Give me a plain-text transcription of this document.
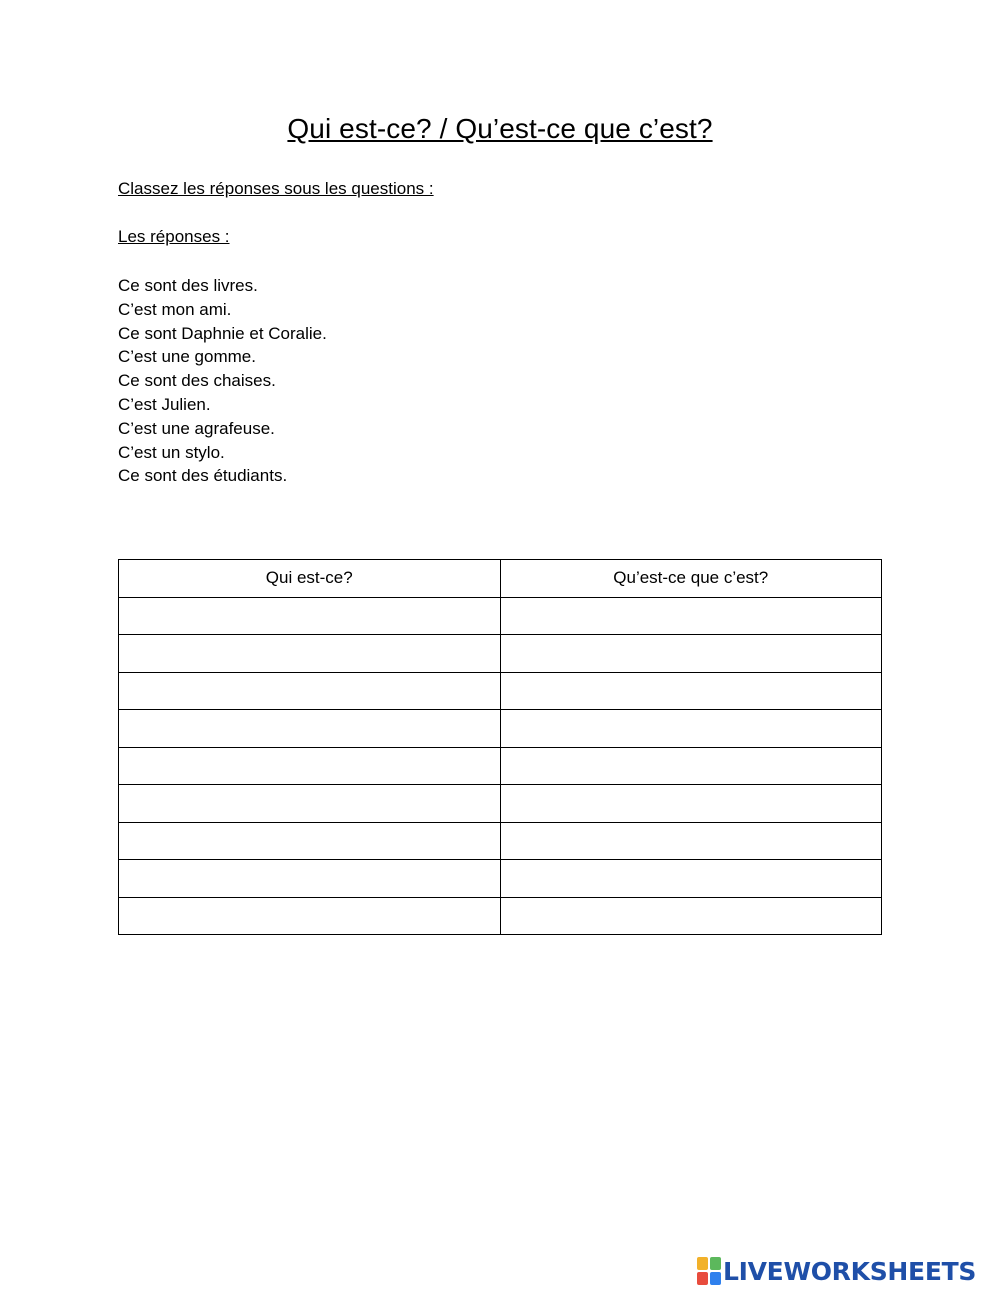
Qui est-ce? / Qu’est-ce que c’est?
Classez les réponses sous les questions :
Les réponses :
Ce sont des livres.
C’est mon ami.
Ce sont Daphnie et Coralie.
C’est une gomme.
Ce sont des chaises.
C’est Julien.
C’est une agrafeuse.
C’est un stylo.
Ce sont des étudiants.
Qui est-ce?	Qu’est-ce que c’est?

LIVEWORKSHEETS
